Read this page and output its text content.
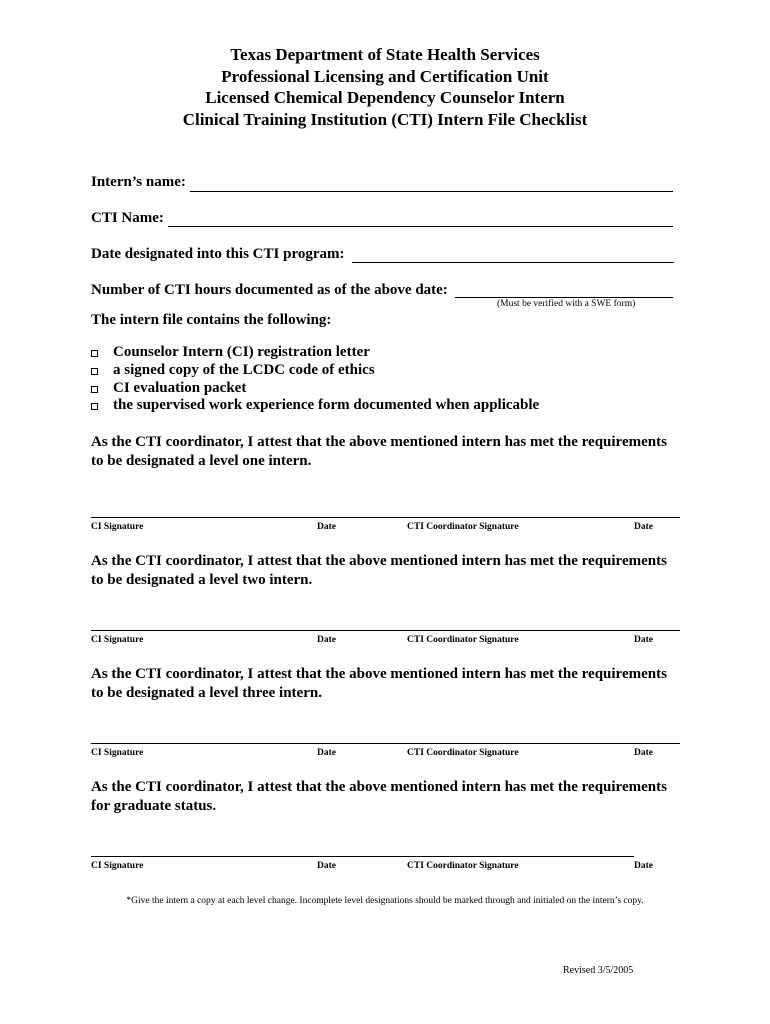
Texas Department of State Health Services
Professional Licensing and Certification Unit
Licensed Chemical Dependency Counselor Intern
Clinical Training Institution (CTI) Intern File Checklist
Intern’s name:
CTI Name:
Date designated into this CTI program:
Number of CTI hours documented as of the above date:
(Must be verified with a SWE form)
The intern file contains the following:
Counselor Intern (CI) registration letter
a signed copy of the LCDC code of ethics
CI evaluation packet
the supervised work experience form documented when applicable
As the CTI coordinator, I attest that the above mentioned intern has met the requirements
to be designated a level one intern.
CI Signature	Date	CTI Coordinator Signature	Date
As the CTI coordinator, I attest that the above mentioned intern has met the requirements
to be designated a level two intern.
CI Signature	Date	CTI Coordinator Signature	Date
As the CTI coordinator, I attest that the above mentioned intern has met the requirements
to be designated a level three intern.
CI Signature	Date	CTI Coordinator Signature	Date
As the CTI coordinator, I attest that the above mentioned intern has met the requirements
for graduate status.
CI Signature	Date	CTI Coordinator Signature	Date
*Give the intern a copy at each level change. Incomplete level designations should be marked through and initialed on the intern’s copy.
Revised 3/5/2005
